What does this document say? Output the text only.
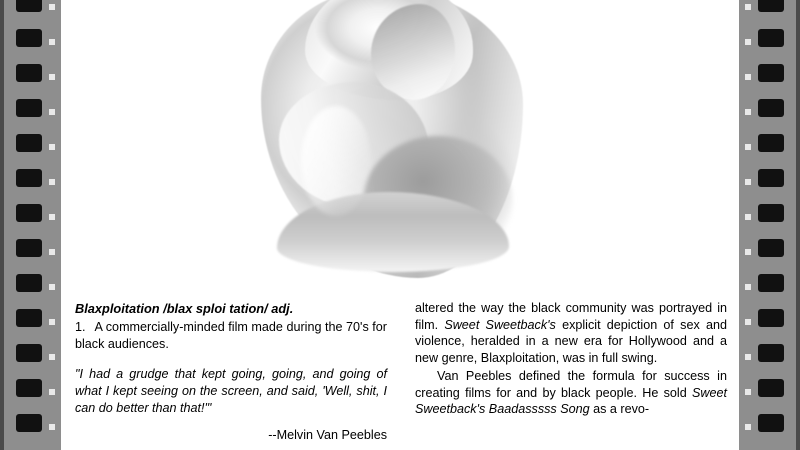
Blaxploitation /blax sploi tation/ adj.

1. A commercially-minded film made during the 70's for black audiences.

"I had a grudge that kept going, going, and going of what I kept seeing on the screen, and said, 'Well, shit, I can do better than that!'"

--Melvin Van Peebles

altered the way the black community was portrayed in film. Sweet Sweetback's explicit depiction of sex and violence, heralded in a new era for Hollywood and a new genre, Blaxploitation, was in full swing.

Van Peebles defined the formula for success in creating films for and by black people. He sold Sweet Sweetback's Baadasssss Song as a revo-
